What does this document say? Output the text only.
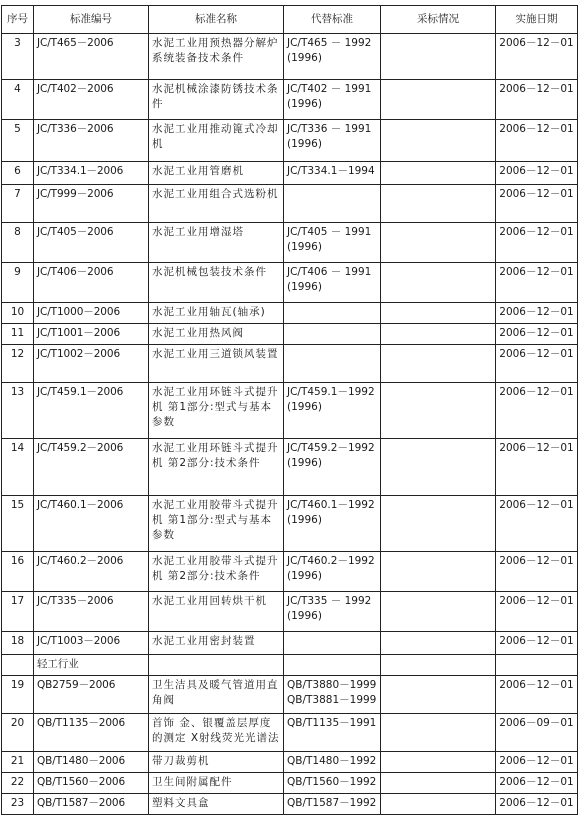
序号	标准编号	标准名称	代替标准	采标情况	实施日期
3	JC/T465－2006	水泥工业用预热器分解炉系统装备技术条件	JC/T465 － 1992 (1996)		2006－12－01
4	JC/T402－2006	水泥机械涂漆防锈技术条件	JC/T402 － 1991 (1996)		2006－12－01
5	JC/T336－2006	水泥工业用推动篦式冷却机	JC/T336 － 1991 (1996)		2006－12－01
6	JC/T334.1－2006	水泥工业用管磨机	JC/T334.1－1994		2006－12－01
7	JC/T999－2006	水泥工业用组合式选粉机			2006－12－01
8	JC/T405－2006	水泥工业用增湿塔	JC/T405 － 1991 (1996)		2006－12－01
9	JC/T406－2006	水泥机械包装技术条件	JC/T406 － 1991 (1996)		2006－12－01
10	JC/T1000－2006	水泥工业用轴瓦(轴承)			2006－12－01
11	JC/T1001－2006	水泥工业用热风阀			2006－12－01
12	JC/T1002－2006	水泥工业用三道锁风装置			2006－12－01
13	JC/T459.1－2006	水泥工业用环链斗式提升机 第1部分:型式与基本参数	JC/T459.1－1992 (1996)		2006－12－01
14	JC/T459.2－2006	水泥工业用环链斗式提升机 第2部分:技术条件	JC/T459.2－1992 (1996)		2006－12－01
15	JC/T460.1－2006	水泥工业用胶带斗式提升机 第1部分:型式与基本参数	JC/T460.1－1992 (1996)		2006－12－01
16	JC/T460.2－2006	水泥工业用胶带斗式提升机 第2部分:技术条件	JC/T460.2－1992 (1996)		2006－12－01
17	JC/T335－2006	水泥工业用回转烘干机	JC/T335 － 1992 (1996)		2006－12－01
18	JC/T1003－2006	水泥工业用密封装置			2006－12－01
	轻工行业				
19	QB2759－2006	卫生洁具及暖气管道用直角阀	QB/T3880－1999 QB/T3881－1999		2006－12－01
20	QB/T1135－2006	首饰 金、银覆盖层厚度的测定 X射线荧光光谱法	QB/T1135－1991		2006－09－01
21	QB/T1480－2006	带刀裁剪机	QB/T1480－1992		2006－12－01
22	QB/T1560－2006	卫生间附属配件	QB/T1560－1992		2006－12－01
23	QB/T1587－2006	塑料文具盒	QB/T1587－1992		2006－12－01
